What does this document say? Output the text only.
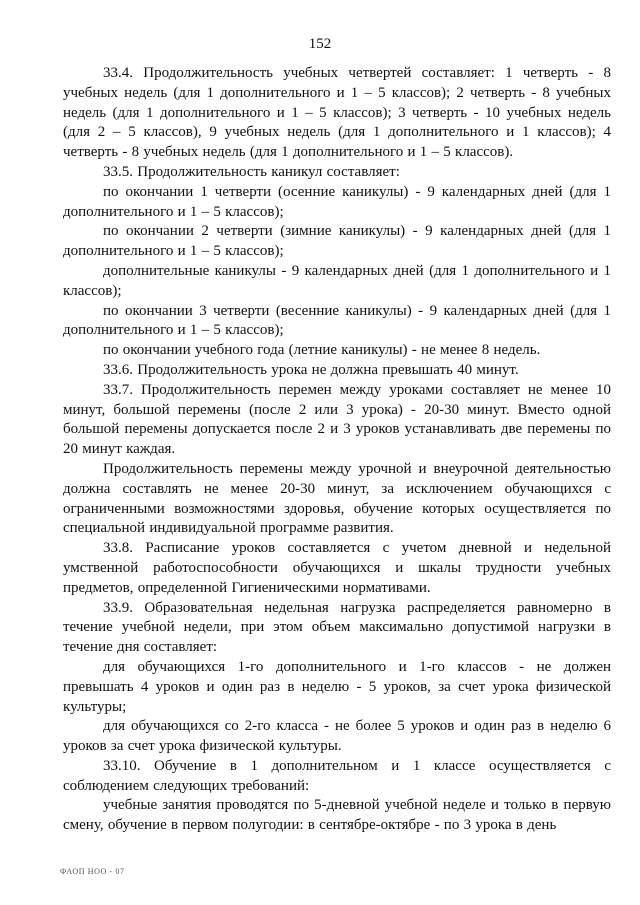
152

33.4. Продолжительность учебных четвертей составляет: 1 четверть - 8 учебных недель (для 1 дополнительного и 1 – 5 классов); 2 четверть - 8 учебных недель (для 1 дополнительного и 1 – 5 классов); 3 четверть - 10 учебных недель (для 2 – 5 классов), 9 учебных недель (для 1 дополнительного и 1 классов); 4 четверть - 8 учебных недель (для 1 дополнительного и 1 – 5 классов).

33.5. Продолжительность каникул составляет:

по окончании 1 четверти (осенние каникулы) - 9 календарных дней (для 1 дополнительного и 1 – 5 классов);

по окончании 2 четверти (зимние каникулы) - 9 календарных дней (для 1 дополнительного и 1 – 5 классов);

дополнительные каникулы - 9 календарных дней (для 1 дополнительного и 1 классов);

по окончании 3 четверти (весенние каникулы) - 9 календарных дней (для 1 дополнительного и 1 – 5 классов);

по окончании учебного года (летние каникулы) - не менее 8 недель.

33.6. Продолжительность урока не должна превышать 40 минут.

33.7. Продолжительность перемен между уроками составляет не менее 10 минут, большой перемены (после 2 или 3 урока) - 20-30 минут. Вместо одной большой перемены допускается после 2 и 3 уроков устанавливать две перемены по 20 минут каждая.

Продолжительность перемены между урочной и внеурочной деятельностью должна составлять не менее 20-30 минут, за исключением обучающихся с ограниченными возможностями здоровья, обучение которых осуществляется по специальной индивидуальной программе развития.

33.8. Расписание уроков составляется с учетом дневной и недельной умственной работоспособности обучающихся и шкалы трудности учебных предметов, определенной Гигиеническими нормативами.

33.9. Образовательная недельная нагрузка распределяется равномерно в течение учебной недели, при этом объем максимально допустимой нагрузки в течение дня составляет:

для обучающихся 1-го дополнительного и 1-го классов - не должен превышать 4 уроков и один раз в неделю - 5 уроков, за счет урока физической культуры;

для обучающихся со 2-го класса - не более 5 уроков и один раз в неделю 6 уроков за счет урока физической культуры.

33.10. Обучение в 1 дополнительном и 1 классе осуществляется с соблюдением следующих требований:

учебные занятия проводятся по 5-дневной учебной неделе и только в первую смену, обучение в первом полугодии: в сентябре-октябре - по 3 урока в день

ФАОП НОО - 07
